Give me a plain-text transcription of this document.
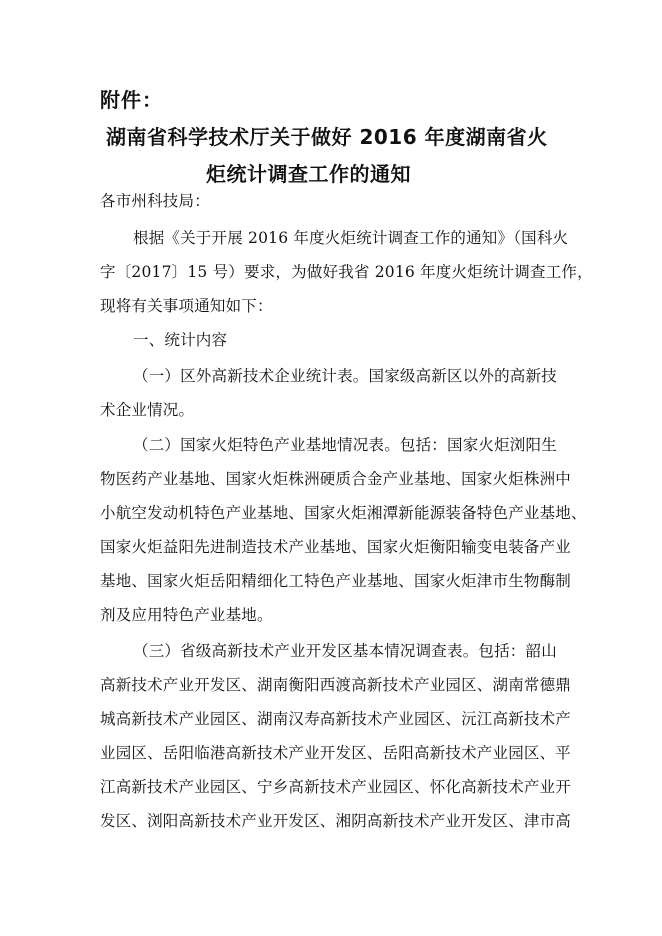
附件：
湖南省科学技术厅关于做好 2016 年度湖南省火
炬统计调查工作的通知
各市州科技局：
根据《关于开展 2016 年度火炬统计调查工作的通知》（国科火
字〔2017〕15 号）要求，为做好我省 2016 年度火炬统计调查工作，
现将有关事项通知如下：
一、统计内容
（一）区外高新技术企业统计表。国家级高新区以外的高新技
术企业情况。
（二）国家火炬特色产业基地情况表。包括：国家火炬浏阳生
物医药产业基地、国家火炬株洲硬质合金产业基地、国家火炬株洲中
小航空发动机特色产业基地、国家火炬湘潭新能源装备特色产业基地、
国家火炬益阳先进制造技术产业基地、国家火炬衡阳输变电装备产业
基地、国家火炬岳阳精细化工特色产业基地、国家火炬津市生物酶制
剂及应用特色产业基地。
（三）省级高新技术产业开发区基本情况调查表。包括：韶山
高新技术产业开发区、湖南衡阳西渡高新技术产业园区、湖南常德鼎
城高新技术产业园区、湖南汉寿高新技术产业园区、沅江高新技术产
业园区、岳阳临港高新技术产业开发区、岳阳高新技术产业园区、平
江高新技术产业园区、宁乡高新技术产业园区、怀化高新技术产业开
发区、浏阳高新技术产业开发区、湘阴高新技术产业开发区、津市高
